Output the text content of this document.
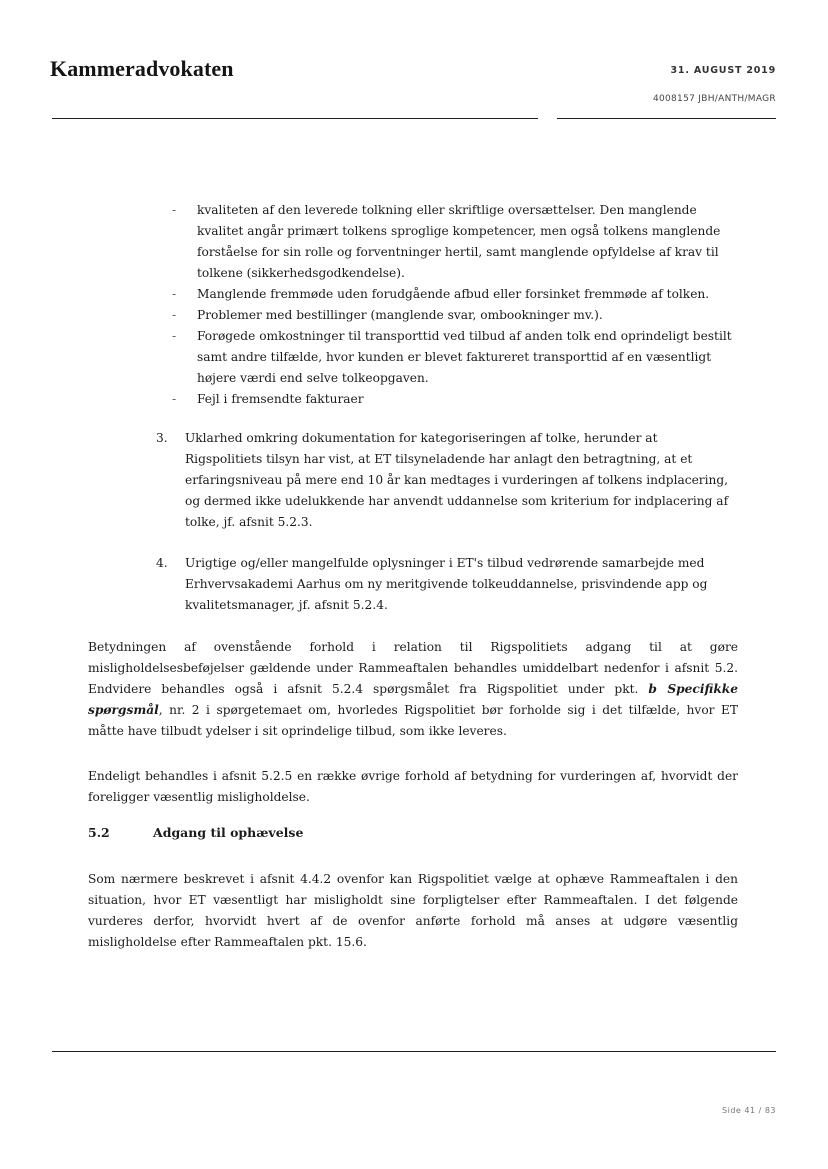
Kammeradvokaten	31. AUGUST 2019
4008157 JBH/ANTH/MAGR
- kvaliteten af den leverede tolkning eller skriftlige oversættelser. Den manglende kvalitet angår primært tolkens sproglige kompetencer, men også tolkens manglende forståelse for sin rolle og forventninger hertil, samt manglende opfyldelse af krav til tolkene (sikkerhedsgodkendelse).
- Manglende fremmøde uden forudgående afbud eller forsinket fremmøde af tolken.
- Problemer med bestillinger (manglende svar, ombookninger mv.).
- Forøgede omkostninger til transporttid ved tilbud af anden tolk end oprindeligt bestilt samt andre tilfælde, hvor kunden er blevet faktureret transporttid af en væsentligt højere værdi end selve tolkeopgaven.
- Fejl i fremsendte fakturaer
3. Uklarhed omkring dokumentation for kategoriseringen af tolke, herunder at Rigspolitiets tilsyn har vist, at ET tilsyneladende har anlagt den betragtning, at et erfaringsniveau på mere end 10 år kan medtages i vurderingen af tolkens indplacering, og dermed ikke udelukkende har anvendt uddannelse som kriterium for indplacering af tolke, jf. afsnit 5.2.3.
4. Urigtige og/eller mangelfulde oplysninger i ET's tilbud vedrørende samarbejde med Erhvervsakademi Aarhus om ny meritgivende tolkeuddannelse, prisvindende app og kvalitetsmanager, jf. afsnit 5.2.4.
Betydningen af ovenstående forhold i relation til Rigspolitiets adgang til at gøre misligholdelsesbeføjelser gældende under Rammeaftalen behandles umiddelbart nedenfor i afsnit 5.2. Endvidere behandles også i afsnit 5.2.4 spørgsmålet fra Rigspolitiet under pkt. b Specifikke spørgsmål, nr. 2 i spørgetemaet om, hvorledes Rigspolitiet bør forholde sig i det tilfælde, hvor ET måtte have tilbudt ydelser i sit oprindelige tilbud, som ikke leveres.
Endeligt behandles i afsnit 5.2.5 en række øvrige forhold af betydning for vurderingen af, hvorvidt der foreligger væsentlig misligholdelse.
5.2	Adgang til ophævelse
Som nærmere beskrevet i afsnit 4.4.2 ovenfor kan Rigspolitiet vælge at ophæve Rammeaftalen i den situation, hvor ET væsentligt har misligholdt sine forpligtelser efter Rammeaftalen. I det følgende vurderes derfor, hvorvidt hvert af de ovenfor anførte forhold må anses at udgøre væsentlig misligholdelse efter Rammeaftalen pkt. 15.6.
Side 41 / 83
